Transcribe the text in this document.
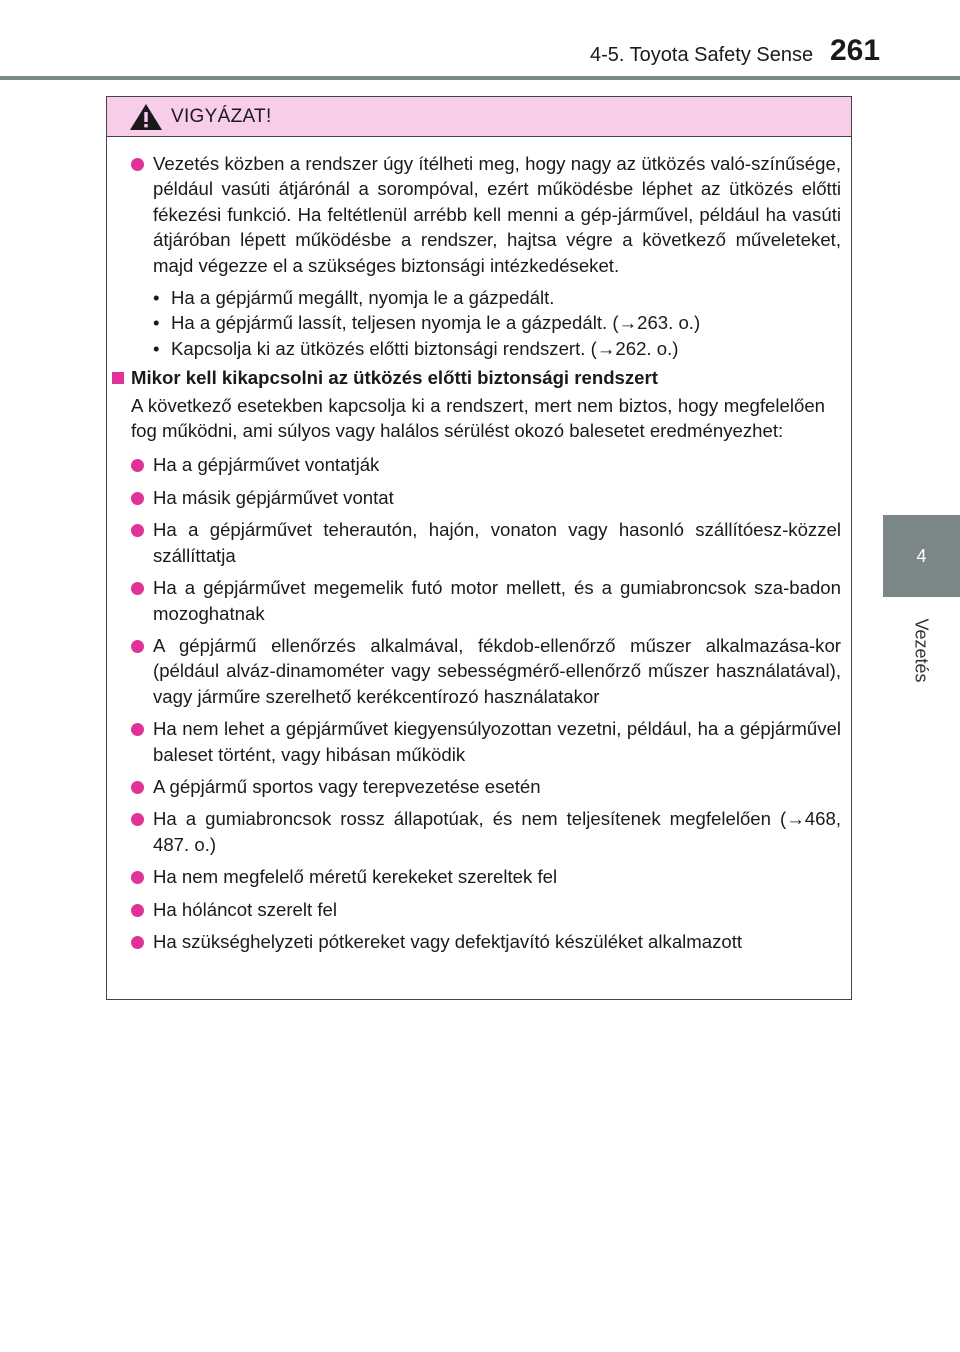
4-5. Toyota Safety Sense 261
4
Vezetés
VIGYÁZAT!
Vezetés közben a rendszer úgy ítélheti meg, hogy nagy az ütközés való-színűsége, például vasúti átjárónál a sorompóval, ezért működésbe léphet az ütközés előtti fékezési funkció. Ha feltétlenül arrébb kell menni a gép-járművel, például ha vasúti átjáróban lépett működésbe a rendszer, hajtsa végre a következő műveleteket, majd végezze el a szükséges biztonsági intézkedéseket.
• Ha a gépjármű megállt, nyomja le a gázpedált.
• Ha a gépjármű lassít, teljesen nyomja le a gázpedált. (→263. o.)
• Kapcsolja ki az ütközés előtti biztonsági rendszert. (→262. o.)
Mikor kell kikapcsolni az ütközés előtti biztonsági rendszert

A következő esetekben kapcsolja ki a rendszert, mert nem biztos, hogy megfelelően fog működni, ami súlyos vagy halálos sérülést okozó balesetet eredményezhet:

Ha a gépjárművet vontatják
Ha másik gépjárművet vontat
Ha a gépjárművet teherautón, hajón, vonaton vagy hasonló szállítóesz-közzel szállíttatja
Ha a gépjárművet megemelik futó motor mellett, és a gumiabroncsok sza-badon mozoghatnak
A gépjármű ellenőrzés alkalmával, fékdob-ellenőrző műszer alkalmazása-kor (például alváz-dinamométer vagy sebességmérő-ellenőrző műszer használatával), vagy járműre szerelhető kerékcentírozó használatakor
Ha nem lehet a gépjárművet kiegyensúlyozottan vezetni, például, ha a gépjárművel baleset történt, vagy hibásan működik
A gépjármű sportos vagy terepvezetése esetén
Ha a gumiabroncsok rossz állapotúak, és nem teljesítenek megfelelően (→468, 487. o.)
Ha nem megfelelő méretű kerekeket szereltek fel
Ha hóláncot szerelt fel
Ha szükséghelyzeti pótkereket vagy defektjavító készüléket alkalmazott
